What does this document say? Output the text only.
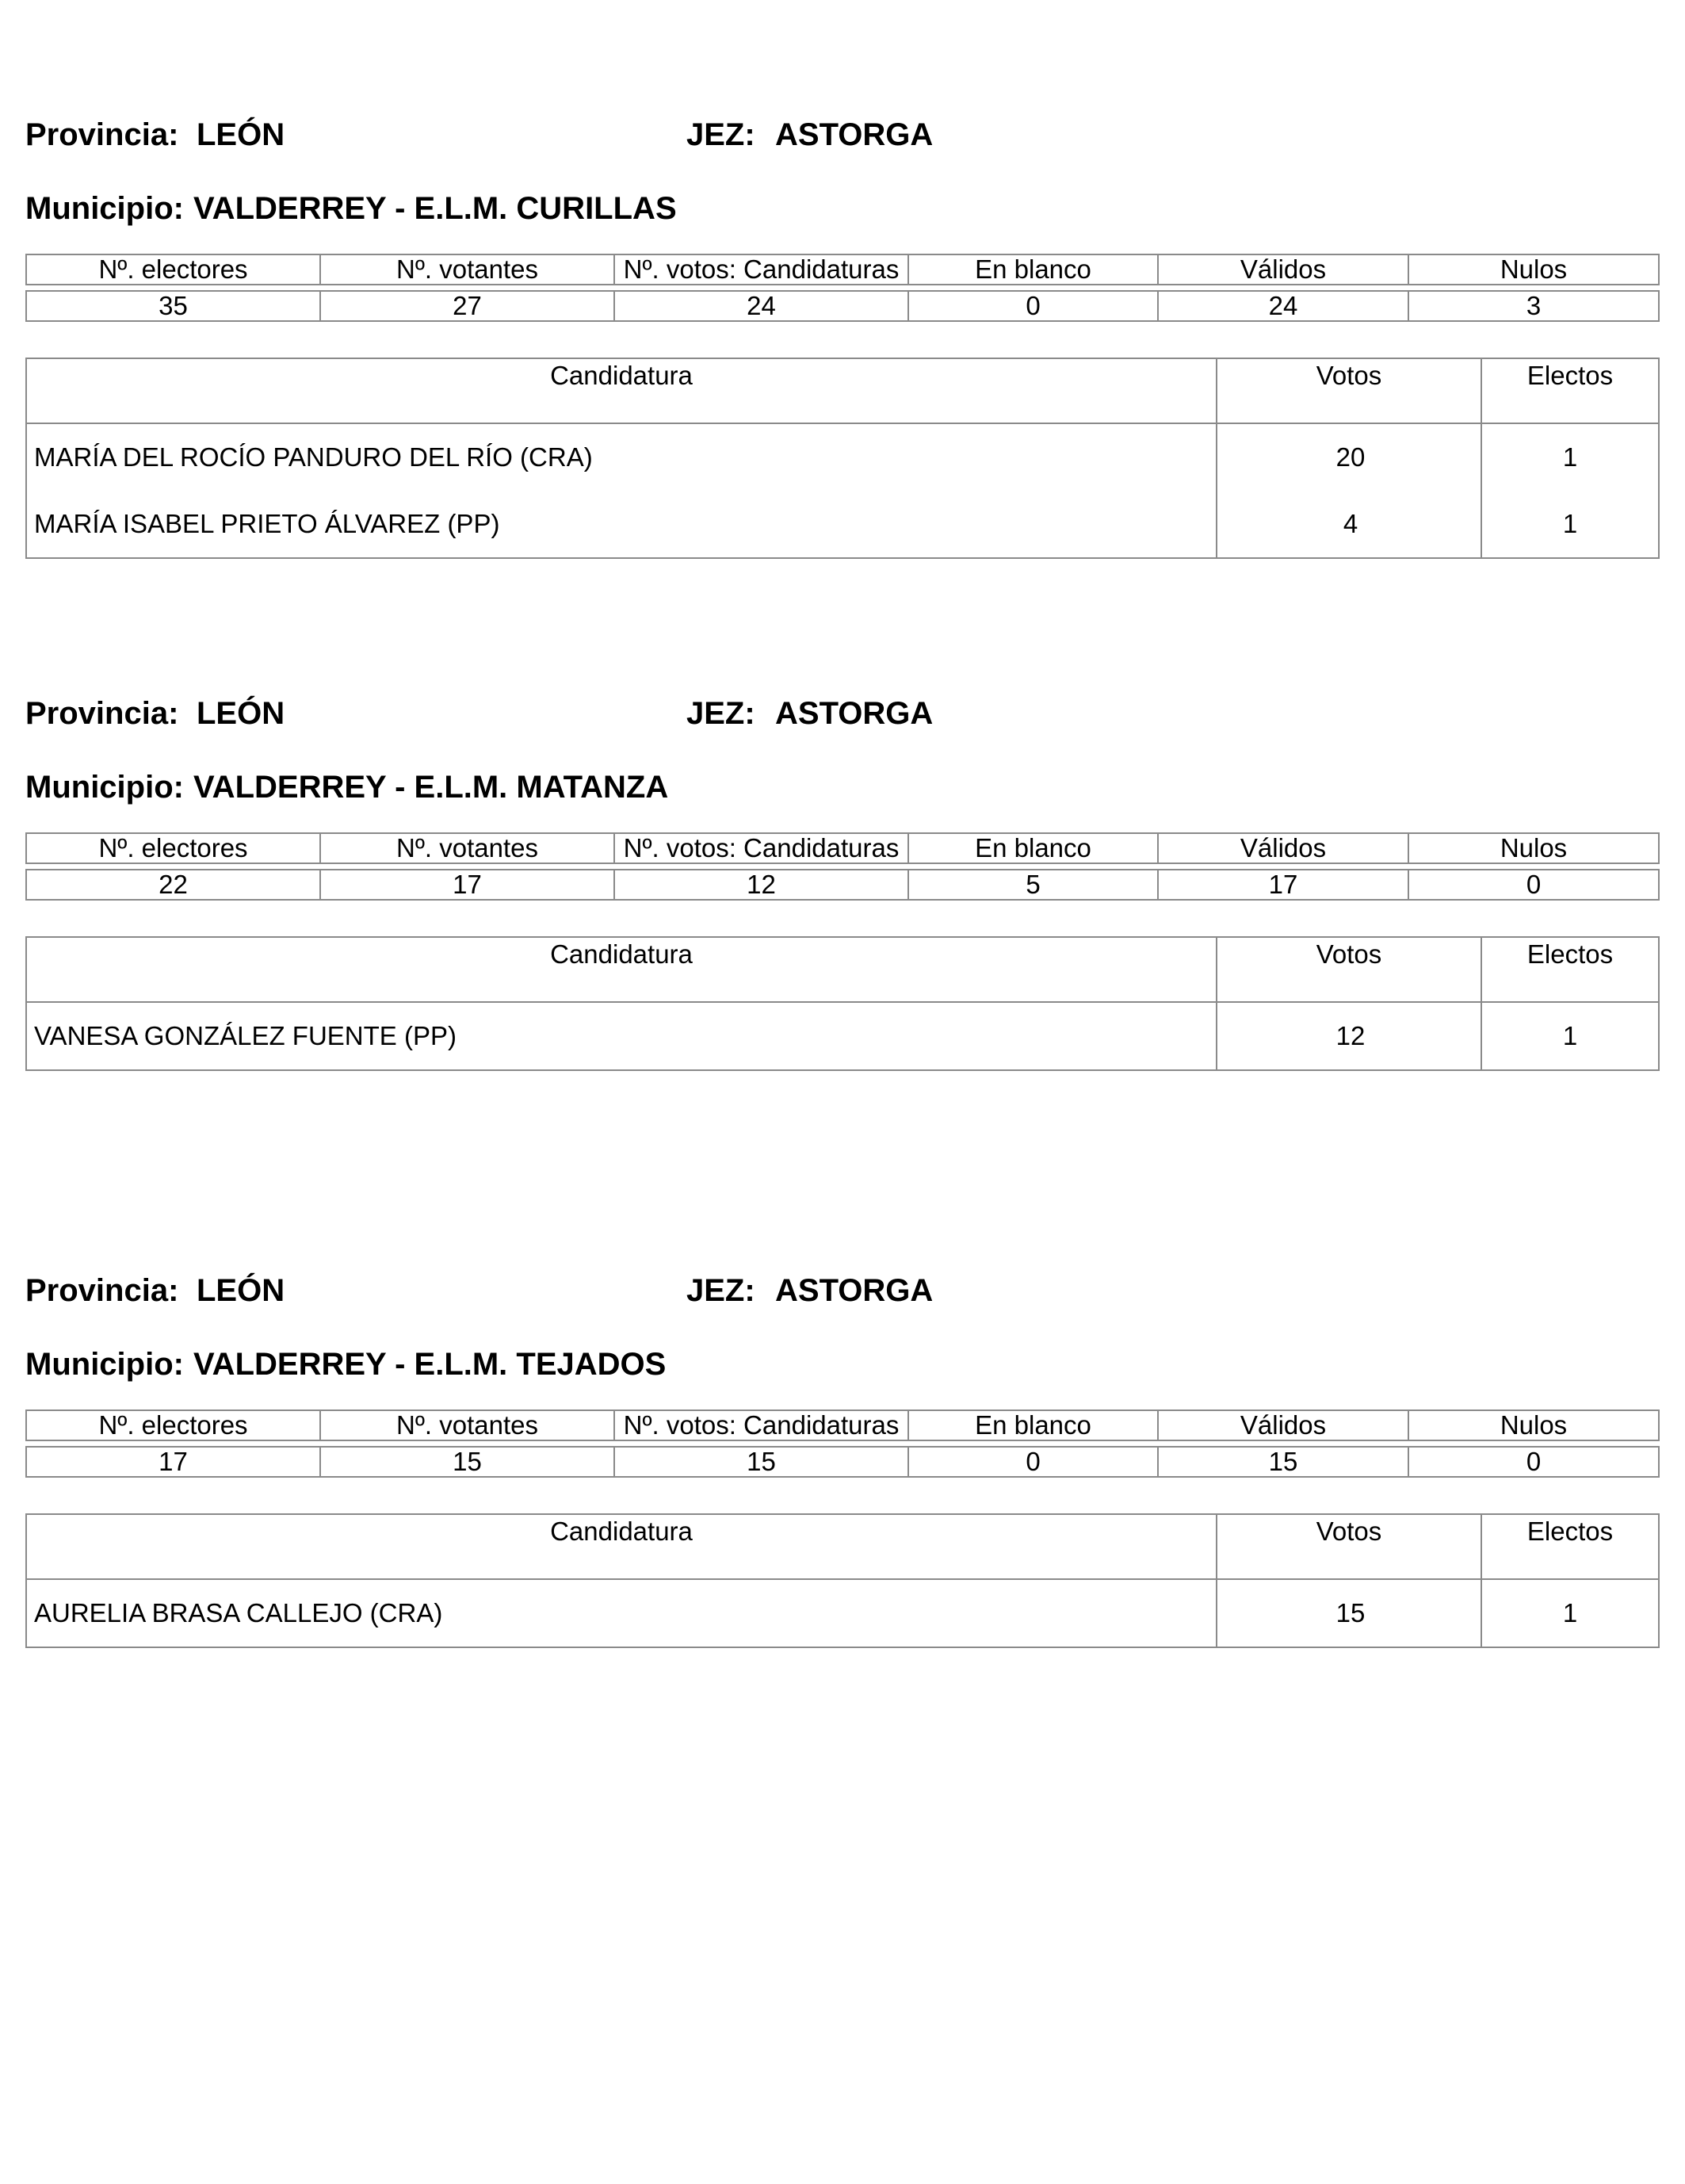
Provincia: LEÓN	JEZ: ASTORGA
Municipio: VALDERREY - E.L.M. CURILLAS
Nº. electores	Nº. votantes	Nº. votos: Candidaturas	En blanco	Válidos	Nulos

35	27	24	0	24	3
Candidatura	Votos	Electos
MARÍA DEL ROCÍO PANDURO DEL RÍO (CRA)	20	1
MARÍA ISABEL PRIETO ÁLVAREZ (PP)	4	1
Provincia: LEÓN	JEZ: ASTORGA
Municipio: VALDERREY - E.L.M. MATANZA
Nº. electores	Nº. votantes	Nº. votos: Candidaturas	En blanco	Válidos	Nulos

22	17	12	5	17	0
Candidatura	Votos	Electos
VANESA GONZÁLEZ FUENTE (PP)	12	1
Provincia: LEÓN	JEZ: ASTORGA
Municipio: VALDERREY - E.L.M. TEJADOS
Nº. electores	Nº. votantes	Nº. votos: Candidaturas	En blanco	Válidos	Nulos

17	15	15	0	15	0
Candidatura	Votos	Electos
AURELIA BRASA CALLEJO (CRA)	15	1
